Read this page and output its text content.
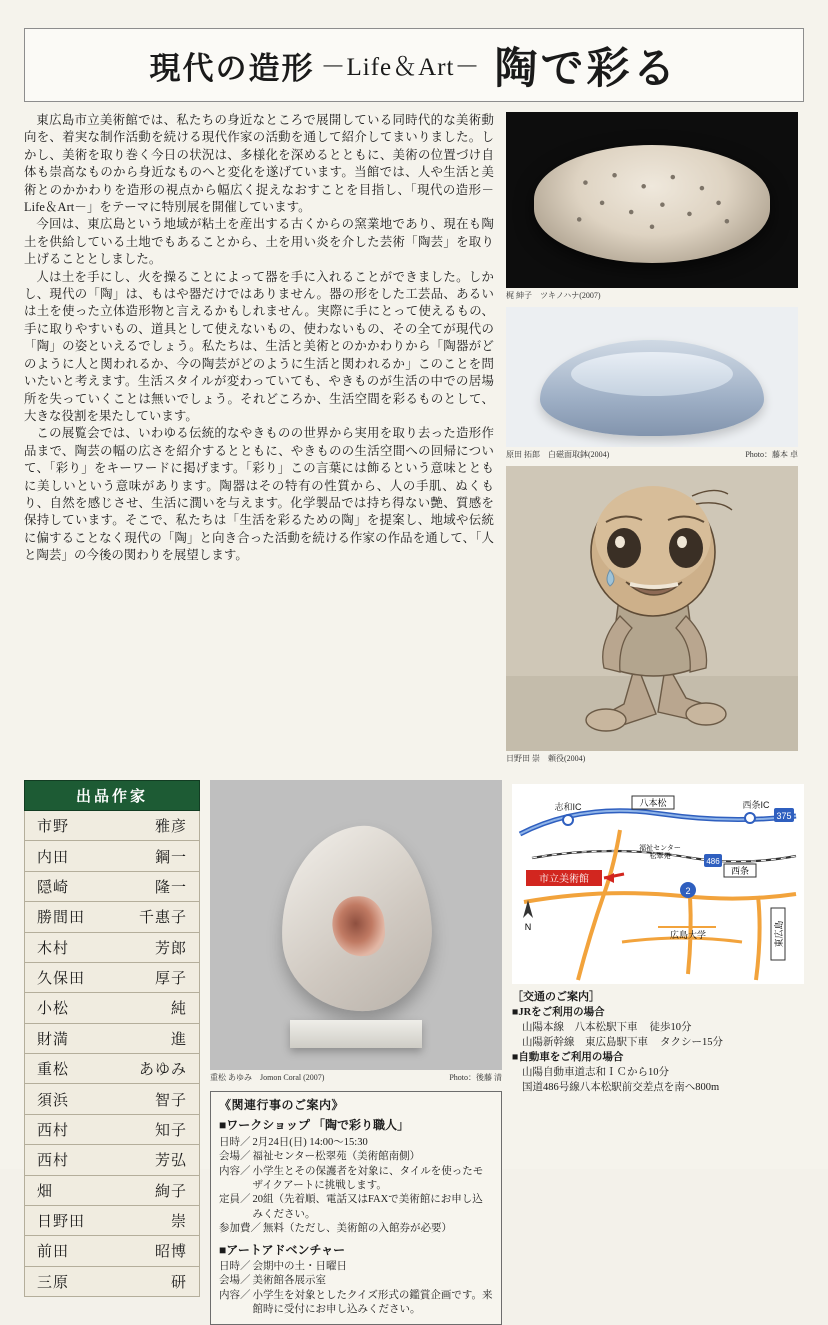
現代の造形 －Life＆Art－ 陶で彩る

東広島市立美術館では、私たちの身近なところで展開している同時代的な美術動向を、着実な制作活動を続ける現代作家の活動を通して紹介してまいりました。しかし、美術を取り巻く今日の状況は、多様化を深めるとともに、美術の位置づけ自体も崇高なものから身近なものへと変化を遂げています。当館では、人や生活と美術とのかかわりを造形の視点から幅広く捉えなおすことを目指し、「現代の造形－Life＆Art－」をテーマに特別展を開催しています。

今回は、東広島という地域が粘土を産出する古くからの窯業地であり、現在も陶土を供給している土地でもあることから、土を用い炎を介した芸術「陶芸」を取り上げることとしました。

人は土を手にし、火を操ることによって器を手に入れることができました。しかし、現代の「陶」は、もはや器だけではありません。器の形をした工芸品、あるいは土を使った立体造形物と言えるかもしれません。実際に手にとって使えるもの、手に取りやすいもの、道具として使えないもの、使わないもの、その全てが現代の「陶」の姿といえるでしょう。私たちは、生活と美術とのかかわりから「陶器がどのように人と関われるか、今の陶芸がどのように生活と関われるか」このことを問いたいと考えます。生活スタイルが変わっていても、やきものが生活の中での居場所を失っていくことは無いでしょう。それどころか、生活空間を彩るものとして、大きな役割を果たしています。

この展覧会では、いわゆる伝統的なやきものの世界から実用を取り去った造形作品まで、陶芸の幅の広さを紹介するとともに、やきものの生活空間への回帰について、「彩り」をキーワードに掲げます。「彩り」この言葉には飾るという意味とともに美しいという意味があります。陶器はその特有の性質から、人の手肌、ぬくもり、自然を感じさせ、生活に潤いを与えます。化学製品では持ち得ない艶、質感を保持しています。そこで、私たちは「生活を彩るための陶」を提案し、地域や伝統に偏することなく現代の「陶」と向き合った活動を続ける作家の作品を通して、「人と陶芸」の今後の関わりを展望します。

梶 紳子　ツキノハナ(2007)
原田 拓郎　白磁面取鉢(2004)	Photo：藤本 卓
日野田 崇　頼役(2004)
出品作家
市野	雅彦
内田	鋼一
隠崎	隆一
勝間田	千惠子
木村	芳郎
久保田	厚子
小松	純
財満	進
重松	あゆみ
須浜	智子
西村	知子
西村	芳弘
畑	絢子
日野田	崇
前田	昭博
三原	研
重松 あゆみ　Jomon Coral (2007)	Photo：後藤 清
《関連行事のご案内》
■ワークショップ 「陶で彩り職人」
日時／ 2月24日(日) 14:00～15:30
会場／ 福祉センター松翠苑（美術館南側）
内容／ 小学生とその保護者を対象に、タイルを使ったモザイクアートに挑戦します。
定員／ 20組（先着順、電話又はFAXで美術館にお申し込みください。
参加費／ 無料（ただし、美術館の入館券が必要）
■アートアドベンチャー
日時／ 会期中の土・日曜日
会場／ 美術館各展示室
内容／ 小学生を対象としたクイズ形式の鑑賞企画です。来館時に受付にお申し込みください。
市立美術館
志和IC	西条IC
八本松
西条
375
486
2
福祉センター
松翠苑
広島大学	東広島
N
［交通のご案内］
■JRをご利用の場合
山陽本線　八本松駅下車 徒歩10分
山陽新幹線　東広島駅下車 タクシー15分
■自動車をご利用の場合
山陽自動車道志和ＩＣから10分
国道486号線八本松駅前交差点を南へ800m
